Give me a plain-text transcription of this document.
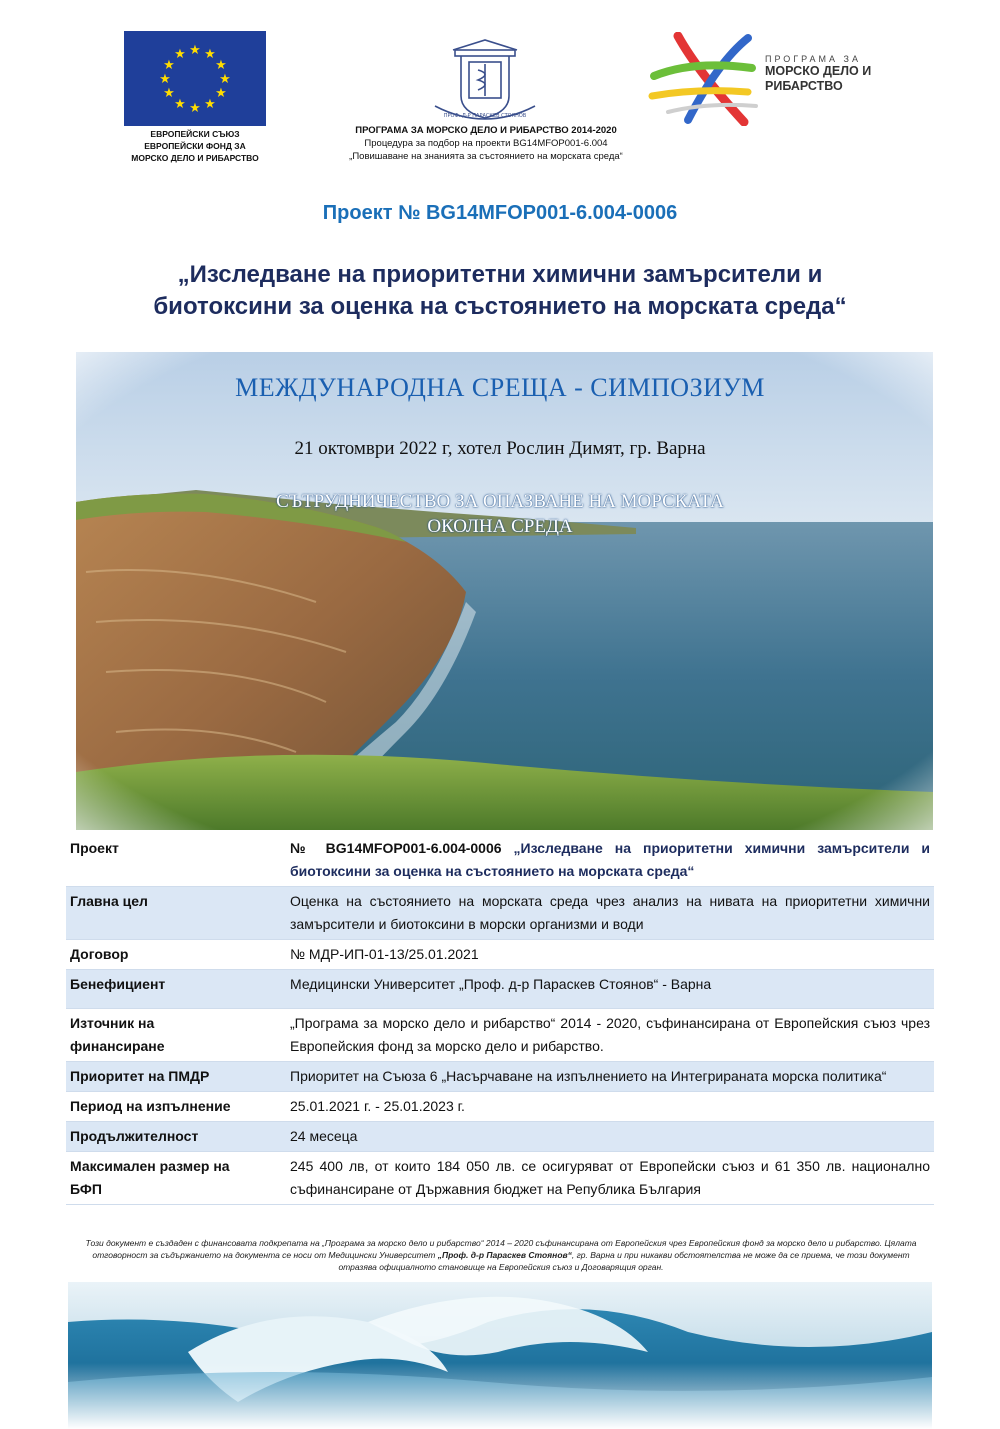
★ ★
★
★
★
★
★
★
★
★
★
★
ЕВРОПЕЙСКИ СЪЮЗ
ЕВРОПЕЙСКИ ФОНД ЗА
МОРСКО ДЕЛО И РИБАРСТВО
ПРОФ. Д-Р ПАРАСКЕВ СТОЯНОВ
ПРОГРАМА ЗА МОРСКО ДЕЛО И РИБАРСТВО 2014-2020
Процедура за подбор на проекти BG14MFOP001-6.004
„Повишаване на знанията за състоянието на морската среда“
ПРОГРАМА ЗА
МОРСКО ДЕЛО И
РИБАРСТВО
Проект № BG14MFOP001-6.004-0006
„Изследване на приоритетни химични замърсители и
биотоксини за оценка на състоянието на морската среда“
МЕЖДУНАРОДНА СРЕЩА - СИМПОЗИУМ
21 октомври 2022 г, хотел Рослин Димят, гр. Варна
СЪТРУДНИЧЕСТВО ЗА ОПАЗВАНЕ НА МОРСКАТА
ОКОЛНА СРЕДА
Проект	№ BG14MFOP001-6.004-0006 „Изследване на приоритетни химични замърсители и биотоксини за оценка на състоянието на морската среда“
Главна цел	Оценка на състоянието на морската среда чрез анализ на нивата на приоритетни химични замърсители и биотоксини в морски организми и води
Договор	№ МДР-ИП-01-13/25.01.2021
Бенефициент	Медицински Университет „Проф. д-р Параскев Стоянов“ - Варна

Източник на
финансиране	„Програма за морско дело и рибарство“ 2014 - 2020, съфинансирана от Европейския съюз чрез Европейския фонд за морско дело и рибарство.
Приоритет на ПМДР	Приоритет на Съюза 6 „Насърчаване на изпълнението на Интегрираната морска политика“
Период на изпълнение	25.01.2021 г. - 25.01.2023 г.
Продължителност	24 месеца

Максимален размер на
БФП	245 400 лв, от които 184 050 лв. се осигуряват от Европейски съюз и 61 350 лв. национално съфинансиране от Държавния бюджет на Република България
Този документ е създаден с финансовата подкрепата на „Програма за морско дело и рибарство“ 2014 – 2020 съфинансирана от Европейския чрез Европейския фонд за морско дело и рибарство. Цялата отговорност за съдържанието на документа се носи от Медицински Университет „Проф. д-р Параскев Стоянов“, гр. Варна и при никакви обстоятелства не може да се приема, че този документ отразява официалното становище на Европейския съюз и Договарящия орган.
